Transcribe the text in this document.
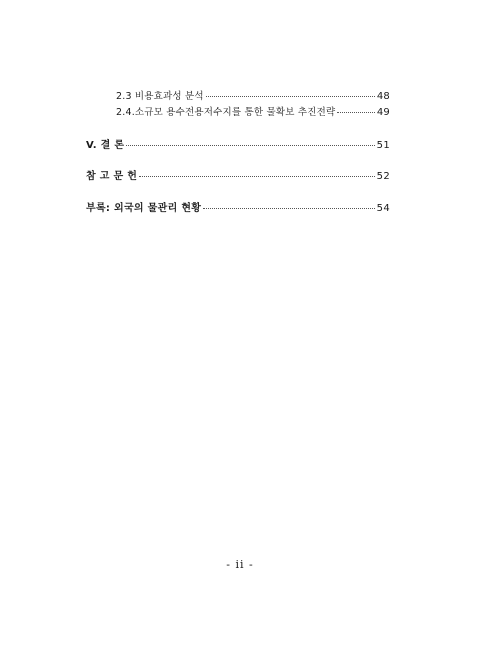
2.3 비용효과성 분석	48
2.4.소규모 용수전용저수지를 통한 물확보 추진전략	49
V. 결 론	51
참 고 문 헌	52
부록: 외국의 물관리 현황	54
- ii -
